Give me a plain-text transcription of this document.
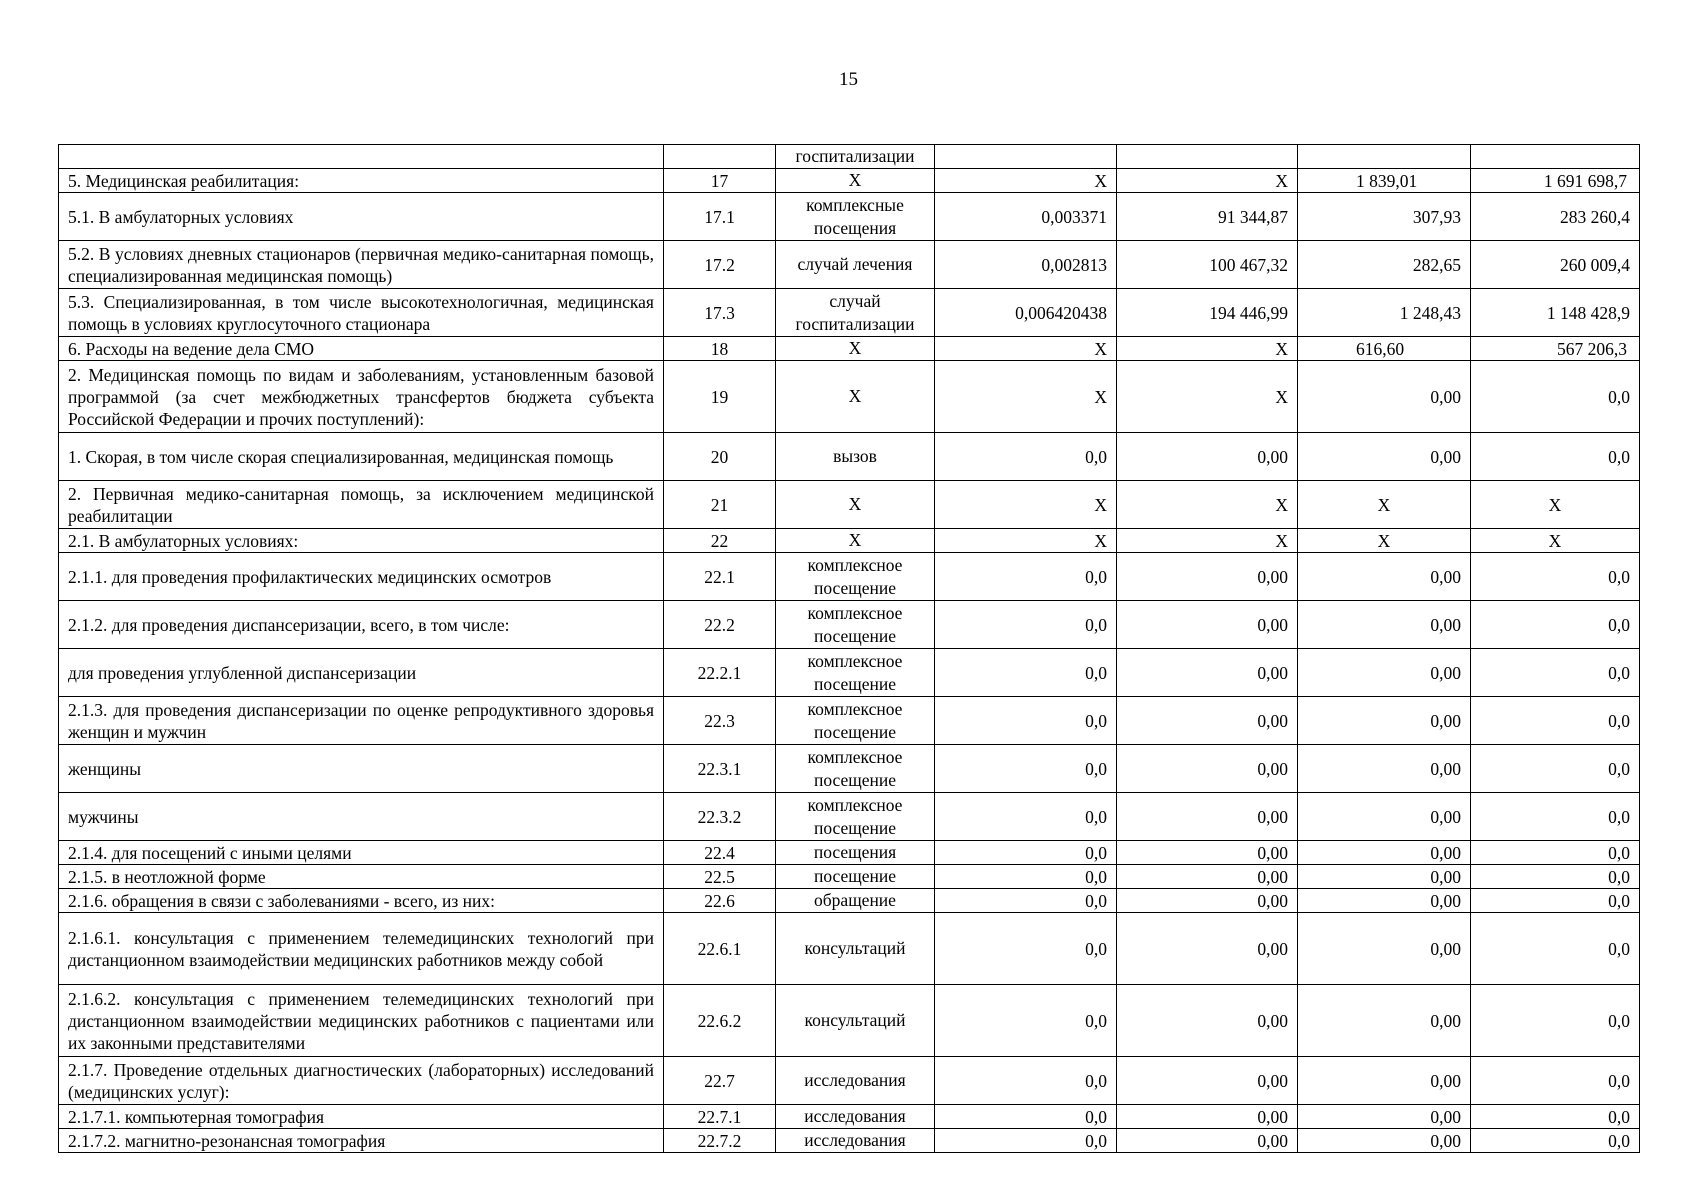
15
		госпитализации				
5. Медицинская реабилитация:	17	Х	Х	Х	1 839,01	1 691 698,7
5.1. В амбулаторных условиях	17.1	комплексные посещения	0,003371	91 344,87	307,93	283 260,4
5.2. В условиях дневных стационаров (первичная медико-санитарная помощь, специализированная медицинская помощь)	17.2	случай лечения	0,002813	100 467,32	282,65	260 009,4
5.3. Специализированная, в том числе высокотехнологичная, медицинская помощь в условиях круглосуточного стационара	17.3	случай госпитализации	0,006420438	194 446,99	1 248,43	1 148 428,9
6. Расходы на ведение дела СМО	18	Х	Х	Х	616,60	567 206,3
2. Медицинская помощь по видам и заболеваниям, установленным базовой программой (за счет межбюджетных трансфертов бюджета субъекта Российской Федерации и прочих поступлений):	19	Х	Х	Х	0,00	0,0
1. Скорая, в том числе скорая специализированная, медицинская помощь	20	вызов	0,0	0,00	0,00	0,0
2. Первичная медико-санитарная помощь, за исключением медицинской реабилитации	21	Х	Х	Х	Х	Х
2.1. В амбулаторных условиях:	22	Х	Х	Х	Х	Х
2.1.1. для проведения профилактических медицинских осмотров	22.1	комплексное посещение	0,0	0,00	0,00	0,0
2.1.2. для проведения диспансеризации, всего, в том числе:	22.2	комплексное посещение	0,0	0,00	0,00	0,0
для проведения углубленной диспансеризации	22.2.1	комплексное посещение	0,0	0,00	0,00	0,0
2.1.3. для проведения диспансеризации по оценке репродуктивного здоровья женщин и мужчин	22.3	комплексное посещение	0,0	0,00	0,00	0,0
женщины	22.3.1	комплексное посещение	0,0	0,00	0,00	0,0
мужчины	22.3.2	комплексное посещение	0,0	0,00	0,00	0,0
2.1.4. для посещений с иными целями	22.4	посещения	0,0	0,00	0,00	0,0
2.1.5. в неотложной форме	22.5	посещение	0,0	0,00	0,00	0,0
2.1.6. обращения в связи с заболеваниями - всего, из них:	22.6	обращение	0,0	0,00	0,00	0,0
2.1.6.1. консультация с применением телемедицинских технологий при дистанционном взаимодействии медицинских работников между собой	22.6.1	консультаций	0,0	0,00	0,00	0,0
2.1.6.2. консультация с применением телемедицинских технологий при дистанционном взаимодействии медицинских работников с пациентами или их законными представителями	22.6.2	консультаций	0,0	0,00	0,00	0,0
2.1.7. Проведение отдельных диагностических (лабораторных) исследований (медицинских услуг):	22.7	исследования	0,0	0,00	0,00	0,0
2.1.7.1. компьютерная томография	22.7.1	исследования	0,0	0,00	0,00	0,0
2.1.7.2. магнитно-резонансная томография	22.7.2	исследования	0,0	0,00	0,00	0,0
